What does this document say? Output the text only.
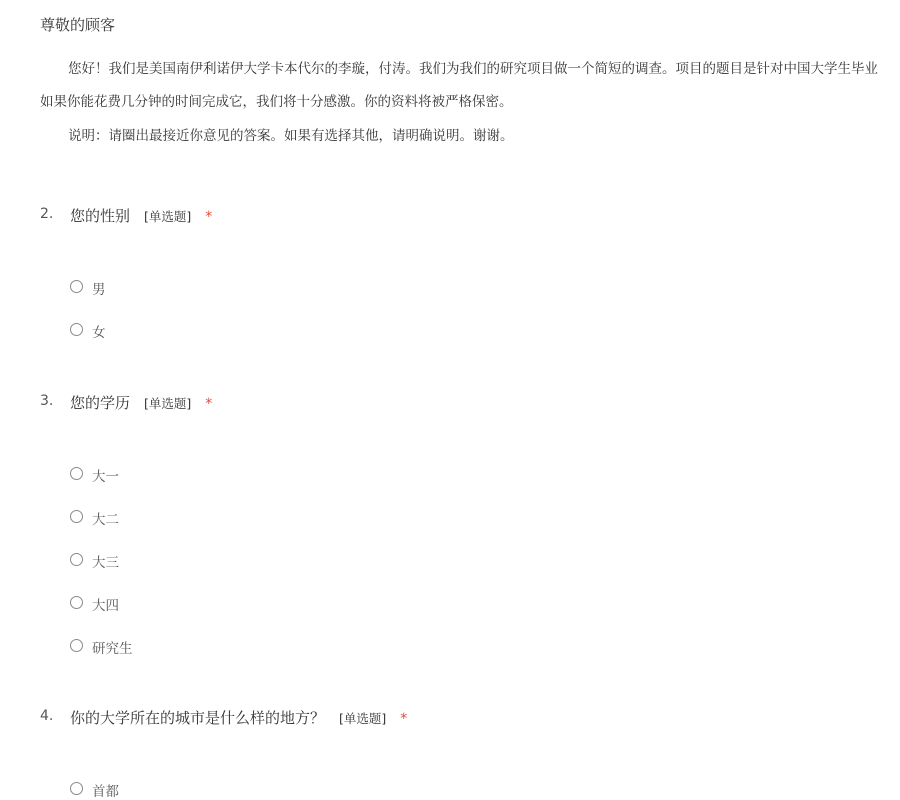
尊敬的顾客
您好！我们是美国南伊利诺伊大学卡本代尔的李璇，付涛。我们为我们的研究项目做一个简短的调查。项目的题目是针对中国大学生毕业
如果你能花费几分钟的时间完成它，我们将十分感激。你的资料将被严格保密。
说明：请圈出最接近你意见的答案。如果有选择其他，请明确说明。谢谢。
2. 您的性别 [单选题] *
男
女
3. 您的学历 [单选题] *
大一
大二
大三
大四
研究生
4. 你的大学所在的城市是什么样的地方？ [单选题] *
首都
